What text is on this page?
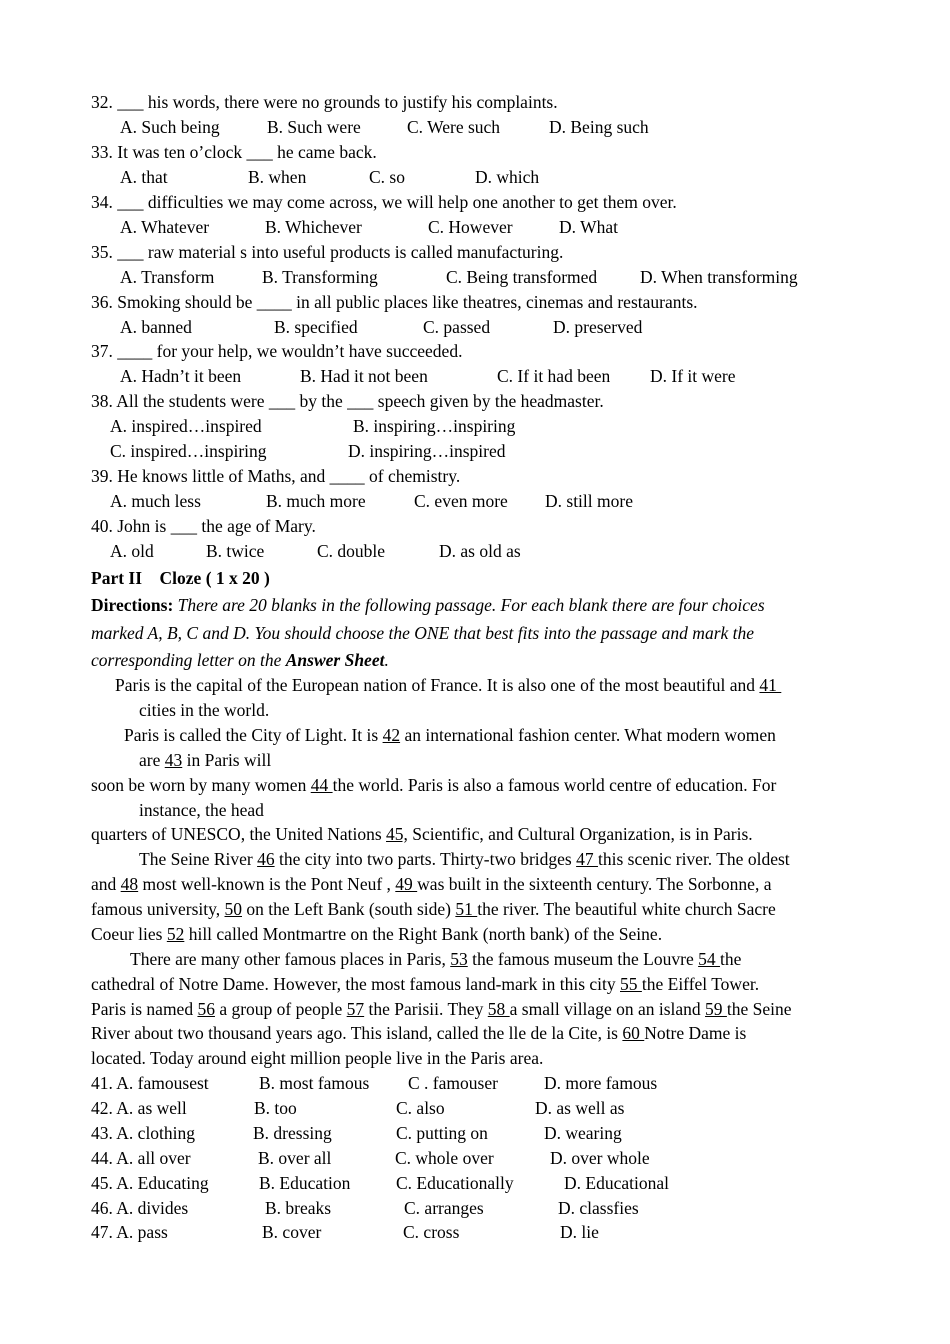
32. ___ his words, there were no grounds to justify his complaints.
A. Such being	B. Such were	C. Were such	D. Being such
33. It was ten o’clock ___ he came back.
A. that	B. when	C. so	D. which
34. ___ difficulties we may come across, we will help one another to get them over.
A. Whatever	B. Whichever	C. However	D. What
35. ___ raw material s into useful products is called manufacturing.
A. Transform	B. Transforming	C. Being transformed D. When transforming
36. Smoking should be ____ in all public places like theatres, cinemas and restaurants.
A. banned	B. specified	C. passed	D. preserved
37. ____ for your help, we wouldn’t have succeeded.
A. Hadn’t it been	B. Had it not been	C. If it had been D. If it were
38. All the students were ___ by the ___ speech given by the headmaster.
A. inspired…inspired	B. inspiring…inspiring
C. inspired…inspiring	D. inspiring…inspired
39. He knows little of Maths, and ____ of chemistry.
A. much less	B. much more	C. even more D. still more
40. John is ___ the age of Mary.
A. old	B. twice	C. double	D. as old as
Part II    Cloze ( 1 x 20 )
Directions: There are 20 blanks in the following passage. For each blank there are four choices
marked A, B, C and D. You should choose the ONE that best fits into the passage and mark the
corresponding letter on the Answer Sheet.
Paris is the capital of the European nation of France. It is also one of the most beautiful and 41
cities in the world.
Paris is called the City of Light. It is 42 an international fashion center. What modern women
are 43 in Paris will
soon be worn by many women 44 the world. Paris is also a famous world centre of education. For
instance, the head
quarters of UNESCO, the United Nations 45, Scientific, and Cultural Organization, is in Paris.
The Seine River 46 the city into two parts. Thirty-two bridges 47 this scenic river. The oldest
and 48 most well-known is the Pont Neuf , 49 was built in the sixteenth century. The Sorbonne, a
famous university, 50 on the Left Bank (south side) 51 the river. The beautiful white church Sacre
Coeur lies 52 hill called Montmartre on the Right Bank (north bank) of the Seine.
There are many other famous places in Paris, 53 the famous museum the Louvre 54 the
cathedral of Notre Dame. However, the most famous land-mark in this city 55 the Eiffel Tower.
Paris is named 56 a group of people 57 the Parisii. They 58 a small village on an island 59 the Seine
River about two thousand years ago. This island, called the lle de la Cite, is 60 Notre Dame is
located. Today around eight million people live in the Paris area.
41. A. famousest	B. most famous C . famouser	D. more famous
42. A. as well	B. too	C. also	D. as well as
43. A. clothing	B. dressing	C. putting on	D. wearing
44. A. all over	B. over all	C. whole over	D. over whole
45. A. Educating	B. Education	C. Educationally	D. Educational
46. A. divides	B. breaks	C. arranges	D. classfies
47. A. pass	B. cover	C. cross	D. lie
